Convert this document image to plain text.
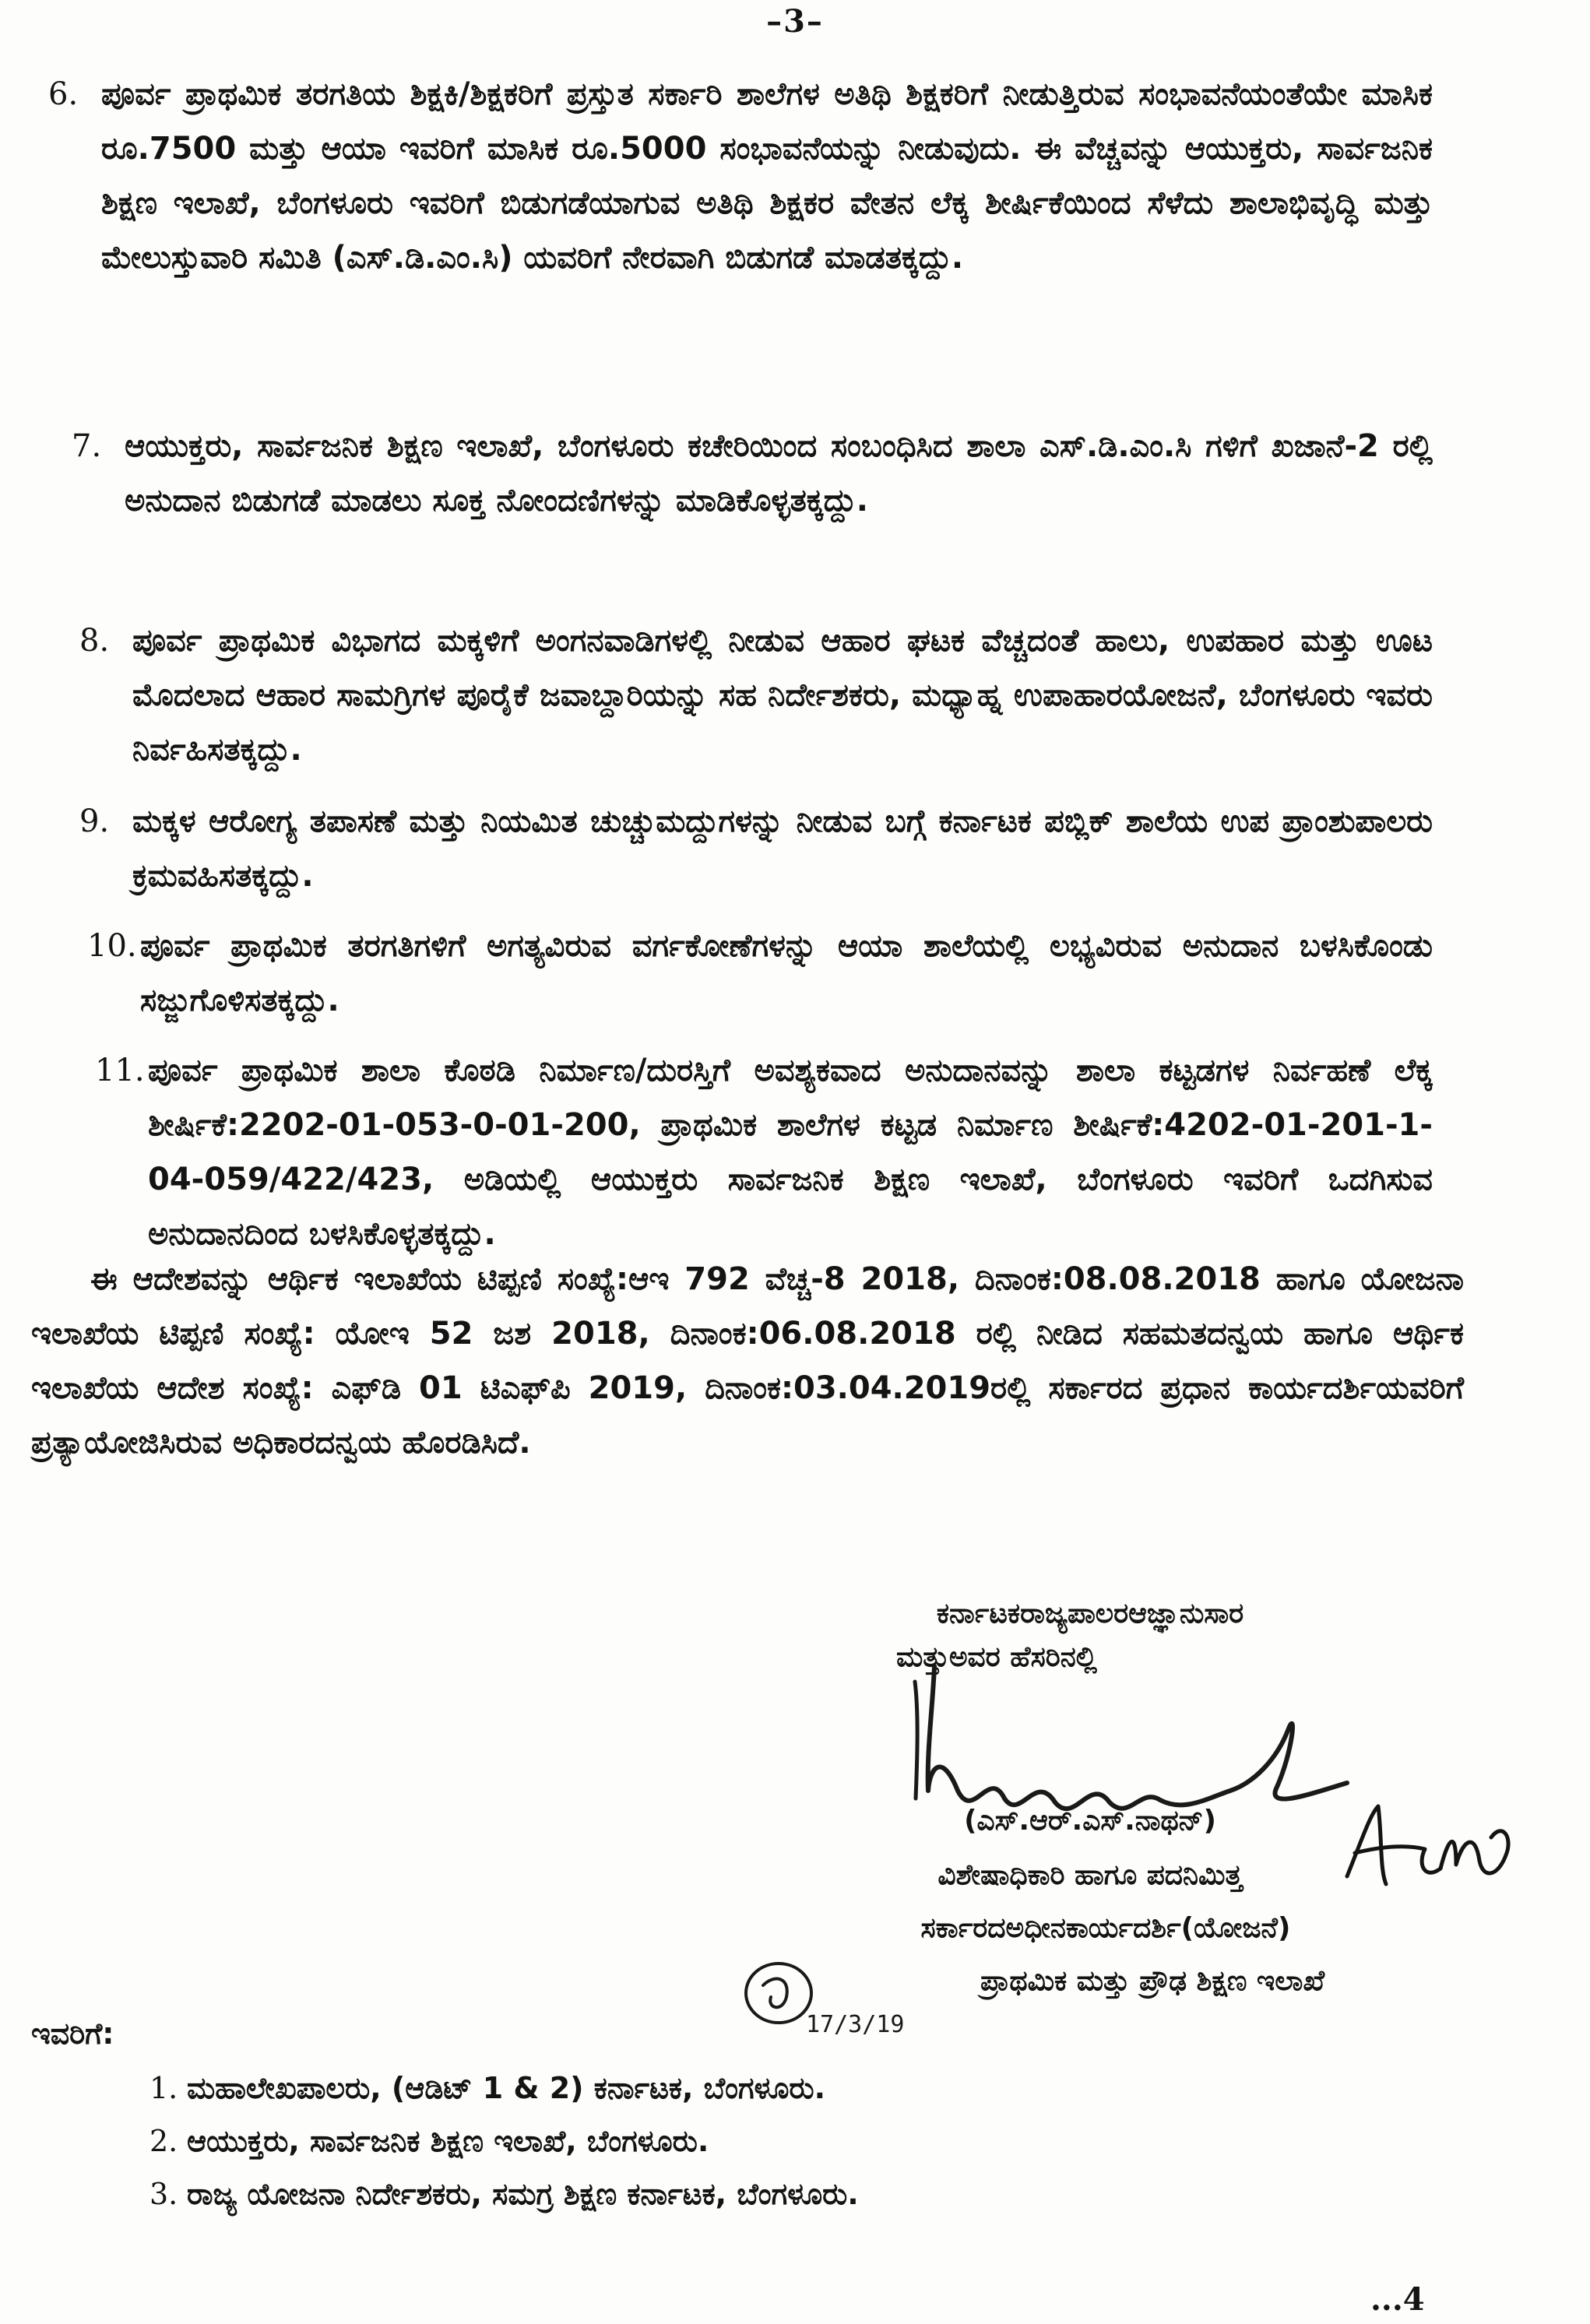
–3–
6. ಪೂರ್ವ ಪ್ರಾಥಮಿಕ ತರಗತಿಯ ಶಿಕ್ಷಕಿ/ಶಿಕ್ಷಕರಿಗೆ ಪ್ರಸ್ತುತ ಸರ್ಕಾರಿ ಶಾಲೆಗಳ ಅತಿಥಿ ಶಿಕ್ಷಕರಿಗೆ ನೀಡುತ್ತಿರುವ ಸಂಭಾವನೆಯಂತೆಯೇ ಮಾಸಿಕ ರೂ.7500 ಮತ್ತು ಆಯಾ ಇವರಿಗೆ ಮಾಸಿಕ ರೂ.5000 ಸಂಭಾವನೆಯನ್ನು ನೀಡುವುದು. ಈ ವೆಚ್ಚವನ್ನು ಆಯುಕ್ತರು, ಸಾರ್ವಜನಿಕ ಶಿಕ್ಷಣ ಇಲಾಖೆ, ಬೆಂಗಳೂರು ಇವರಿಗೆ ಬಿಡುಗಡೆಯಾಗುವ ಅತಿಥಿ ಶಿಕ್ಷಕರ ವೇತನ ಲೆಕ್ಕ ಶೀರ್ಷಿಕೆಯಿಂದ ಸೆಳೆದು ಶಾಲಾಭಿವೃದ್ಧಿ ಮತ್ತು ಮೇಲುಸ್ತುವಾರಿ ಸಮಿತಿ (ಎಸ್.ಡಿ.ಎಂ.ಸಿ) ಯವರಿಗೆ ನೇರವಾಗಿ ಬಿಡುಗಡೆ ಮಾಡತಕ್ಕದ್ದು.
7. ಆಯುಕ್ತರು, ಸಾರ್ವಜನಿಕ ಶಿಕ್ಷಣ ಇಲಾಖೆ, ಬೆಂಗಳೂರು ಕಚೇರಿಯಿಂದ ಸಂಬಂಧಿಸಿದ ಶಾಲಾ ಎಸ್.ಡಿ.ಎಂ.ಸಿ ಗಳಿಗೆ ಖಜಾನೆ-2 ರಲ್ಲಿ ಅನುದಾನ ಬಿಡುಗಡೆ ಮಾಡಲು ಸೂಕ್ತ ನೋಂದಣಿಗಳನ್ನು ಮಾಡಿಕೊಳ್ಳತಕ್ಕದ್ದು.
8. ಪೂರ್ವ ಪ್ರಾಥಮಿಕ ವಿಭಾಗದ ಮಕ್ಕಳಿಗೆ ಅಂಗನವಾಡಿಗಳಲ್ಲಿ ನೀಡುವ ಆಹಾರ ಘಟಕ ವೆಚ್ಚದಂತೆ ಹಾಲು, ಉಪಹಾರ ಮತ್ತು ಊಟ ಮೊದಲಾದ ಆಹಾರ ಸಾಮಗ್ರಿಗಳ ಪೂರೈಕೆ ಜವಾಬ್ದಾರಿಯನ್ನು ಸಹ ನಿರ್ದೇಶಕರು, ಮಧ್ಯಾಹ್ನ ಉಪಾಹಾರಯೋಜನೆ, ಬೆಂಗಳೂರು ಇವರು ನಿರ್ವಹಿಸತಕ್ಕದ್ದು.
9. ಮಕ್ಕಳ ಆರೋಗ್ಯ ತಪಾಸಣೆ ಮತ್ತು ನಿಯಮಿತ ಚುಚ್ಚುಮದ್ದುಗಳನ್ನು ನೀಡುವ ಬಗ್ಗೆ ಕರ್ನಾಟಕ ಪಬ್ಲಿಕ್ ಶಾಲೆಯ ಉಪ ಪ್ರಾಂಶುಪಾಲರು ಕ್ರಮವಹಿಸತಕ್ಕದ್ದು.
10. ಪೂರ್ವ ಪ್ರಾಥಮಿಕ ತರಗತಿಗಳಿಗೆ ಅಗತ್ಯವಿರುವ ವರ್ಗಕೋಣೆಗಳನ್ನು ಆಯಾ ಶಾಲೆಯಲ್ಲಿ ಲಭ್ಯವಿರುವ ಅನುದಾನ ಬಳಸಿಕೊಂಡು ಸಜ್ಜುಗೊಳಿಸತಕ್ಕದ್ದು.
11. ಪೂರ್ವ ಪ್ರಾಥಮಿಕ ಶಾಲಾ ಕೊಠಡಿ ನಿರ್ಮಾಣ/ದುರಸ್ತಿಗೆ ಅವಶ್ಯಕವಾದ ಅನುದಾನವನ್ನು ಶಾಲಾ ಕಟ್ಟಡಗಳ ನಿರ್ವಹಣೆ ಲೆಕ್ಕ ಶೀರ್ಷಿಕೆ:2202-01-053-0-01-200, ಪ್ರಾಥಮಿಕ ಶಾಲೆಗಳ ಕಟ್ಟಡ ನಿರ್ಮಾಣ ಶೀರ್ಷಿಕೆ:4202-01-201-1-04-059/422/423, ಅಡಿಯಲ್ಲಿ ಆಯುಕ್ತರು ಸಾರ್ವಜನಿಕ ಶಿಕ್ಷಣ ಇಲಾಖೆ, ಬೆಂಗಳೂರು ಇವರಿಗೆ ಒದಗಿಸುವ ಅನುದಾನದಿಂದ ಬಳಸಿಕೊಳ್ಳತಕ್ಕದ್ದು.
ಈ ಆದೇಶವನ್ನು ಆರ್ಥಿಕ ಇಲಾಖೆಯ ಟಿಪ್ಪಣಿ ಸಂಖ್ಯೆ:ಆಇ 792 ವೆಚ್ಚ-8 2018, ದಿನಾಂಕ:08.08.2018 ಹಾಗೂ ಯೋಜನಾ ಇಲಾಖೆಯ ಟಿಪ್ಪಣಿ ಸಂಖ್ಯೆ: ಯೋಇ 52 ಜಶ 2018, ದಿನಾಂಕ:06.08.2018 ರಲ್ಲಿ ನೀಡಿದ ಸಹಮತದನ್ವಯ ಹಾಗೂ ಆರ್ಥಿಕ ಇಲಾಖೆಯ ಆದೇಶ ಸಂಖ್ಯೆ: ಎಫ್‌ಡಿ 01 ಟಿಎಫ್‌ಪಿ 2019, ದಿನಾಂಕ:03.04.2019ರಲ್ಲಿ ಸರ್ಕಾರದ ಪ್ರಧಾನ ಕಾರ್ಯದರ್ಶಿಯವರಿಗೆ ಪ್ರತ್ಯಾಯೋಜಿಸಿರುವ ಅಧಿಕಾರದನ್ವಯ ಹೊರಡಿಸಿದೆ.
ಕರ್ನಾಟಕರಾಜ್ಯಪಾಲರಆಜ್ಞಾನುಸಾರ
ಮತ್ತುಅವರ ಹೆಸರಿನಲ್ಲಿ
(ಎಸ್.ಆರ್.ಎಸ್.ನಾಥನ್)
ವಿಶೇಷಾಧಿಕಾರಿ ಹಾಗೂ ಪದನಿಮಿತ್ತ
ಸರ್ಕಾರದಅಧೀನಕಾರ್ಯದರ್ಶಿ(ಯೋಜನೆ)
ಪ್ರಾಥಮಿಕ ಮತ್ತು ಪ್ರೌಢ ಶಿಕ್ಷಣ ಇಲಾಖೆ
17/3/19
ಇವರಿಗೆ:
1. ಮಹಾಲೇಖಪಾಲರು, (ಆಡಿಟ್ 1 & 2) ಕರ್ನಾಟಕ, ಬೆಂಗಳೂರು.
2. ಆಯುಕ್ತರು, ಸಾರ್ವಜನಿಕ ಶಿಕ್ಷಣ ಇಲಾಖೆ, ಬೆಂಗಳೂರು.
3. ರಾಜ್ಯ ಯೋಜನಾ ನಿರ್ದೇಶಕರು, ಸಮಗ್ರ ಶಿಕ್ಷಣ ಕರ್ನಾಟಕ, ಬೆಂಗಳೂರು.
...4
